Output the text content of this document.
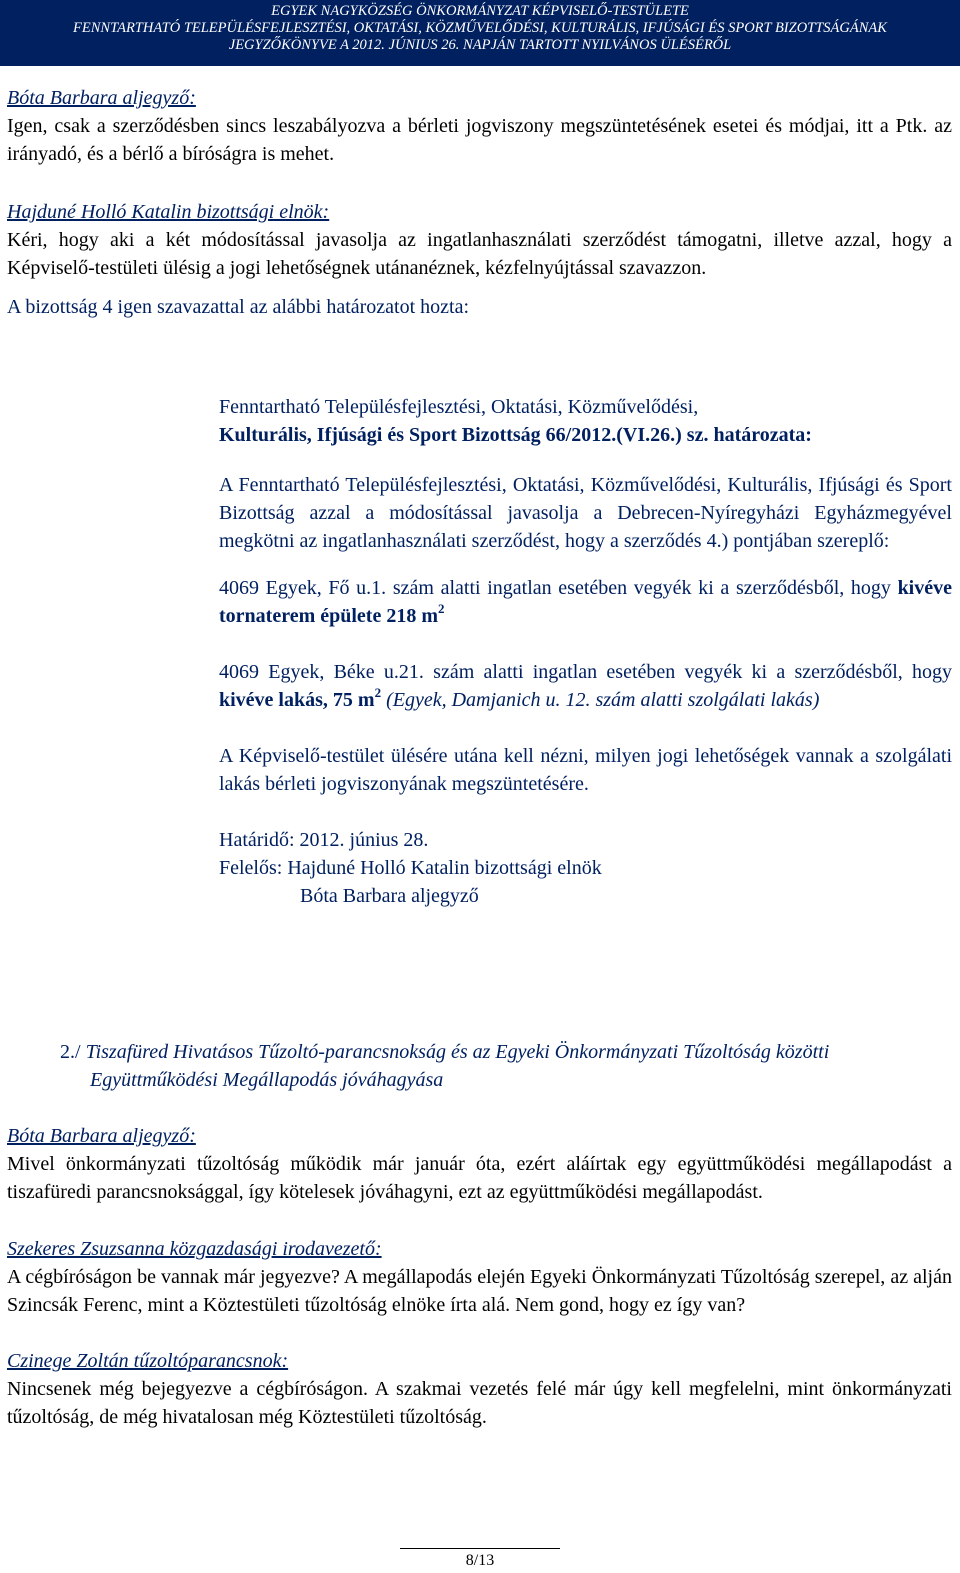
EGYEK NAGYKÖZSÉG ÖNKORMÁNYZAT KÉPVISELŐ-TESTÜLETE
FENNTARTHATÓ TELEPÜLÉSFEJLESZTÉSI, OKTATÁSI, KÖZMŰVELŐDÉSI, KULTURÁLIS, IFJÚSÁGI ÉS SPORT BIZOTTSÁGÁNAK
JEGYZŐKÖNYVE A 2012. JÚNIUS 26. NAPJÁN TARTOTT NYILVÁNOS ÜLÉSÉRŐL

Bóta Barbara aljegyző:

Igen, csak a szerződésben sincs leszabályozva a bérleti jogviszony megszüntetésének esetei és módjai, itt a Ptk. az irányadó, és a bérlő a bíróságra is mehet.

Hajduné Holló Katalin bizottsági elnök:

Kéri, hogy aki a két módosítással javasolja az ingatlanhasználati szerződést támogatni, illetve azzal, hogy a Képviselő-testületi ülésig a jogi lehetőségnek utánanéznek, kézfelnyújtással szavazzon.

A bizottság 4 igen szavazattal az alábbi határozatot hozta:

Fenntartható Településfejlesztési, Oktatási, Közművelődési,

Kulturális, Ifjúsági és Sport Bizottság 66/2012.(VI.26.) sz. határozata:

A Fenntartható Településfejlesztési, Oktatási, Közművelődési, Kulturális, Ifjúsági és Sport Bizottság azzal a módosítással javasolja a Debrecen-Nyíregyházi Egyházmegyével megkötni az ingatlanhasználati szerződést, hogy a szerződés 4.) pontjában szereplő:

4069 Egyek, Fő u.1. szám alatti ingatlan esetében vegyék ki a szerződésből, hogy kivéve tornaterem épülete 218 $m^2$

4069 Egyek, Béke u.21. szám alatti ingatlan esetében vegyék ki a szerződésből, hogy kivéve lakás, 75 $m^2$ (Egyek, Damjanich u. 12. szám alatti szolgálati lakás)

A Képviselő-testület ülésére utána kell nézni, milyen jogi lehetőségek vannak a szolgálati lakás bérleti jogviszonyának megszüntetésére.

Határidő: 2012. június 28.

Felelős: Hajduné Holló Katalin bizottsági elnök

Bóta Barbara aljegyző

2./ Tiszafüred Hivatásos Tűzoltó-parancsnokság és az Egyeki Önkormányzati Tűzoltóság közötti Együttműködési Megállapodás jóváhagyása

Bóta Barbara aljegyző:

Mivel önkormányzati tűzoltóság működik már január óta, ezért aláírtak egy együttműködési megállapodást a tiszafüredi parancsnoksággal, így kötelesek jóváhagyni, ezt az együttműködési megállapodást.

Szekeres Zsuzsanna közgazdasági irodavezető:

A cégbíróságon be vannak már jegyezve? A megállapodás elején Egyeki Önkormányzati Tűzoltóság szerepel, az alján Szincsák Ferenc, mint a Köztestületi tűzoltóság elnöke írta alá. Nem gond, hogy ez így van?

Czinege Zoltán tűzoltóparancsnok:

Nincsenek még bejegyezve a cégbíróságon. A szakmai vezetés felé már úgy kell megfelelni, mint önkormányzati tűzoltóság, de még hivatalosan még Köztestületi tűzoltóság.

8/13
